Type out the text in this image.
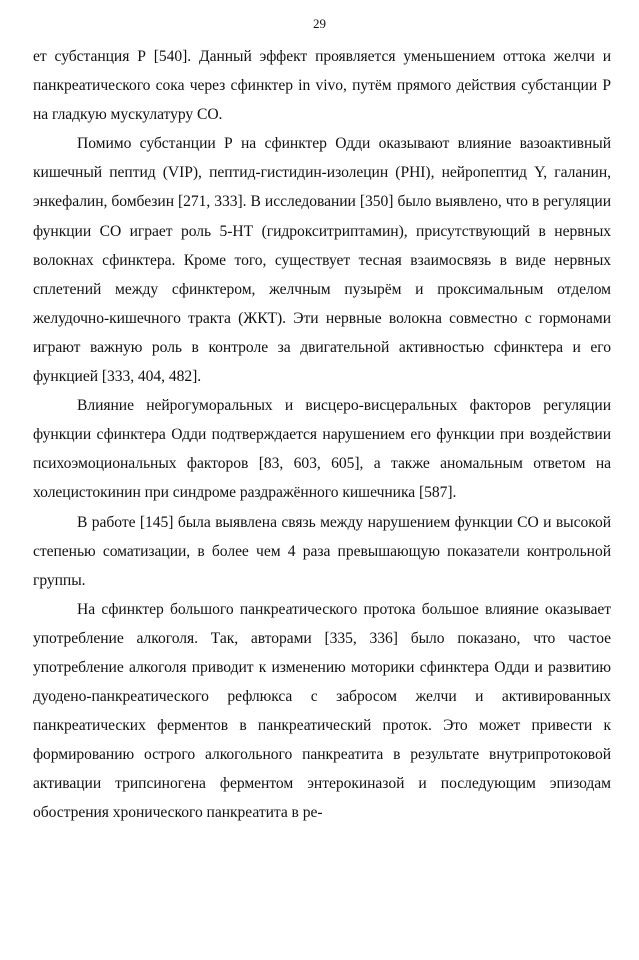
29

ет субстанция Р [540]. Данный эффект проявляется уменьшением оттока желчи и панкреатического сока через сфинктер in vivo, путём прямого действия субстанции Р на гладкую мускулатуру СО.

Помимо субстанции Р на сфинктер Одди оказывают влияние вазоактивный кишечный пептид (VIP), пептид-гистидин-изолецин (PHI), нейропептид Y, галанин, энкефалин, бомбезин [271, 333]. В исследовании [350] было выявлено, что в регуляции функции СО играет роль 5-НТ (гидрокситриптамин), присутствующий в нервных волокнах сфинктера. Кроме того, существует тесная взаимосвязь в виде нервных сплетений между сфинктером, желчным пузырём и проксимальным отделом желудочно-кишечного тракта (ЖКТ). Эти нервные волокна совместно с гормонами играют важную роль в контроле за двигательной активностью сфинктера и его функцией [333, 404, 482].

Влияние нейрогуморальных и висцеро-висцеральных факторов регуляции функции сфинктера Одди подтверждается нарушением его функции при воздействии психоэмоциональных факторов [83, 603, 605], а также аномальным ответом на холецистокинин при синдроме раздражённого кишечника [587].

В работе [145] была выявлена связь между нарушением функции СО и высокой степенью соматизации, в более чем 4 раза превышающую показатели контрольной группы.

На сфинктер большого панкреатического протока большое влияние оказывает употребление алкоголя. Так, авторами [335, 336] было показано, что частое употребление алкоголя приводит к изменению моторики сфинктера Одди и развитию дуодено-панкреатического рефлюкса с забросом желчи и активированных панкреатических ферментов в панкреатический проток. Это может привести к формированию острого алкогольного панкреатита в результате внутрипротоковой активации трипсиногена ферментом энтерокиназой и последующим эпизодам обострения хронического панкреатита в ре-
